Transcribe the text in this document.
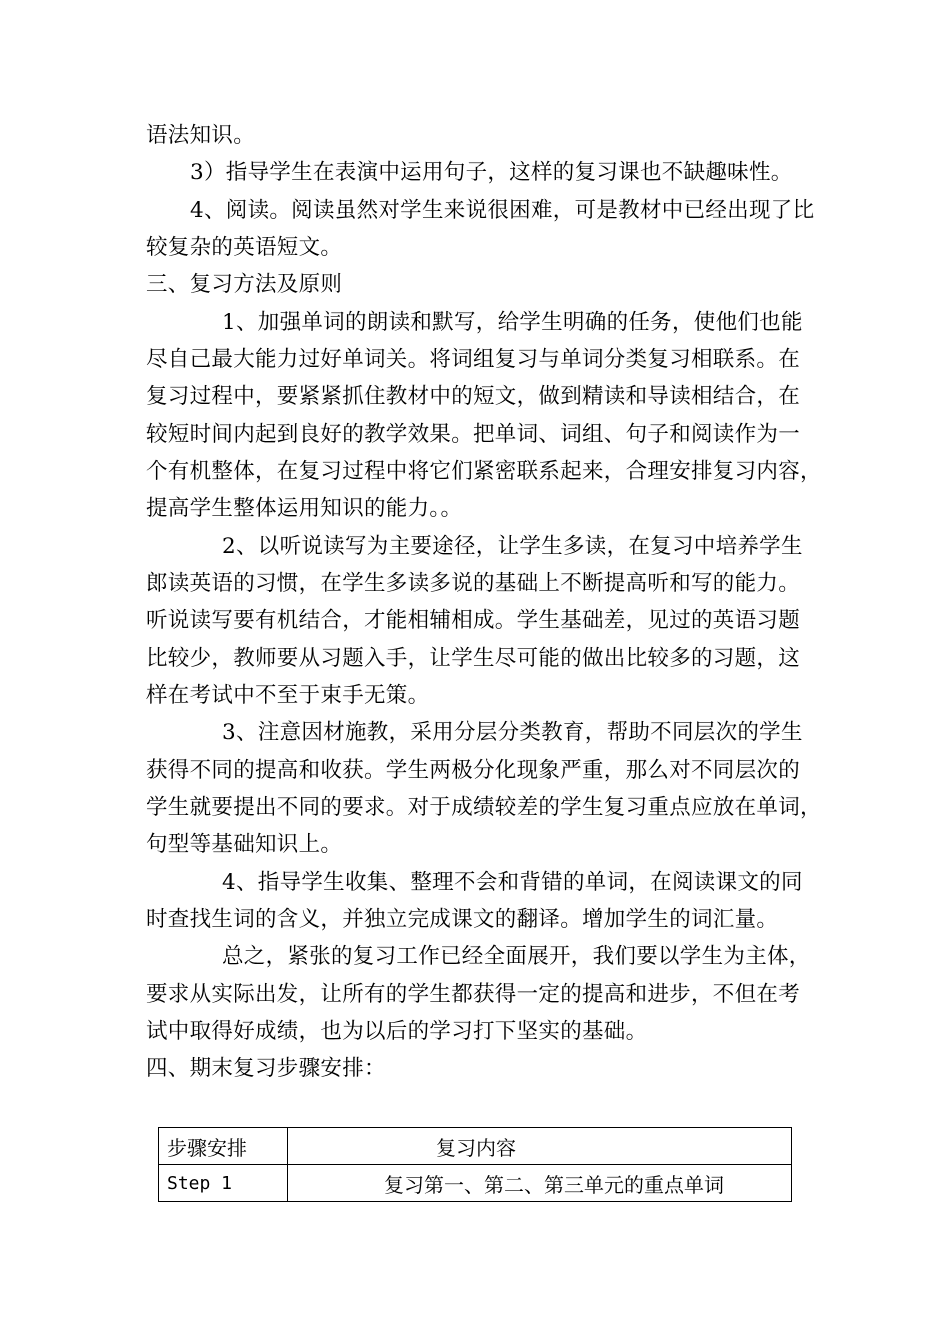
语法知识。
3）指导学生在表演中运用句子，这样的复习课也不缺趣味性。
4、阅读。阅读虽然对学生来说很困难，可是教材中已经出现了比
较复杂的英语短文。
三、复习方法及原则
1、加强单词的朗读和默写，给学生明确的任务，使他们也能
尽自己最大能力过好单词关。将词组复习与单词分类复习相联系。在
复习过程中，要紧紧抓住教材中的短文，做到精读和导读相结合，在
较短时间内起到良好的教学效果。把单词、词组、句子和阅读作为一
个有机整体，在复习过程中将它们紧密联系起来，合理安排复习内容，
提高学生整体运用知识的能力。。
2、以听说读写为主要途径，让学生多读，在复习中培养学生
郎读英语的习惯，在学生多读多说的基础上不断提高听和写的能力。
听说读写要有机结合，才能相辅相成。学生基础差，见过的英语习题
比较少，教师要从习题入手，让学生尽可能的做出比较多的习题，这
样在考试中不至于束手无策。
3、注意因材施教，采用分层分类教育，帮助不同层次的学生
获得不同的提高和收获。学生两极分化现象严重，那么对不同层次的
学生就要提出不同的要求。对于成绩较差的学生复习重点应放在单词，
句型等基础知识上。
4、指导学生收集、整理不会和背错的单词，在阅读课文的同
时查找生词的含义，并独立完成课文的翻译。增加学生的词汇量。
总之，紧张的复习工作已经全面展开，我们要以学生为主体，
要求从实际出发，让所有的学生都获得一定的提高和进步，不但在考
试中取得好成绩，也为以后的学习打下坚实的基础。
四、期末复习步骤安排：
步骤安排	复习内容
Step 1	复习第一、第二、第三单元的重点单词
